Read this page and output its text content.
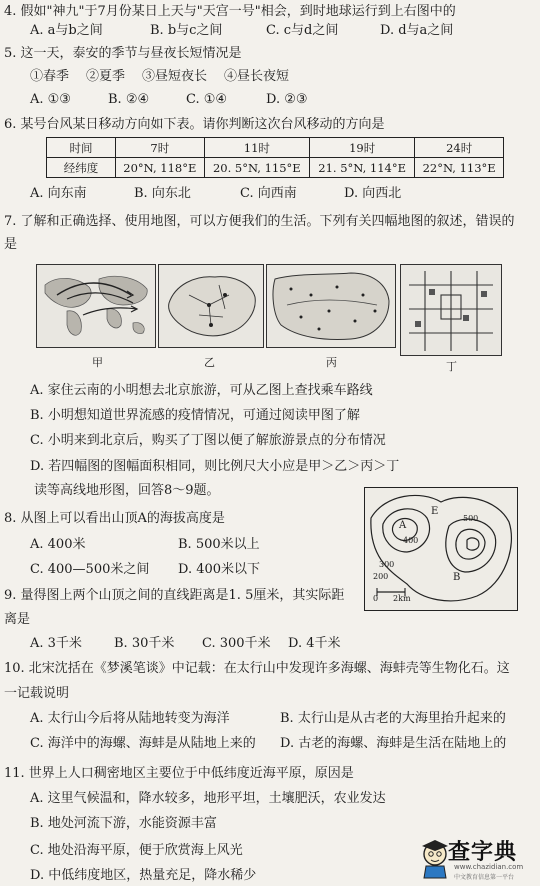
4. 假如"神九"于7月份某日上天与"天宫一号"相会，到时地球运行到上右图中的
A. a与b之间	B. b与c之间	C. c与d之间	D. d与a之间
5. 这一天，泰安的季节与昼夜长短情况是
①春季 ②夏季 ③昼短夜长 ④昼长夜短
A. ①③	B. ②④	C. ①④	D. ②③
6. 某号台风某日移动方向如下表。请你判断这次台风移动的方向是
时间	7时	11时	19时	24时
经纬度	20°N, 118°E	20. 5°N, 115°E	21. 5°N, 114°E	22°N, 113°E
A. 向东南	B. 向东北	C. 向西南	D. 向西北
7. 了解和正确选择、使用地图，可以方便我们的生活。下列有关四幅地图的叙述，错误的
是
甲	乙	丙	丁
A. 家住云南的小明想去北京旅游，可从乙图上查找乘车路线
B. 小明想知道世界流感的疫情情况，可通过阅读甲图了解
C. 小明来到北京后，购买了丁图以便了解旅游景点的分布情况
D. 若四幅图的图幅面积相同，则比例尺大小应是甲＞乙＞丙＞丁
读等高线地形图，回答8～9题。
A
E
B
400
300
200
500
0 2km
8. 从图上可以看出山顶A的海拔高度是
A. 400米	B. 500米以上
C. 400—500米之间 D. 400米以下
9. 量得图上两个山顶之间的直线距离是1. 5厘米，其实际距
离是
A. 3千米 B. 30千米 C. 300千米 D. 4千米
10. 北宋沈括在《梦溪笔谈》中记载：在太行山中发现许多海螺、海蚌壳等生物化石。这
一记载说明
A. 太行山今后将从陆地转变为海洋	B. 太行山是从古老的大海里抬升起来的
C. 海洋中的海螺、海蚌是从陆地上来的 D. 古老的海螺、海蚌是生活在陆地上的
11. 世界上人口稠密地区主要位于中低纬度近海平原，原因是
A. 这里气候温和，降水较多，地形平坦，土壤肥沃，农业发达
B. 地处河流下游，水能资源丰富
C. 地处沿海平原，便于欣赏海上风光
D. 中低纬度地区，热量充足，降水稀少
查字典
www.chazidian.com
中文教育信息第一平台
